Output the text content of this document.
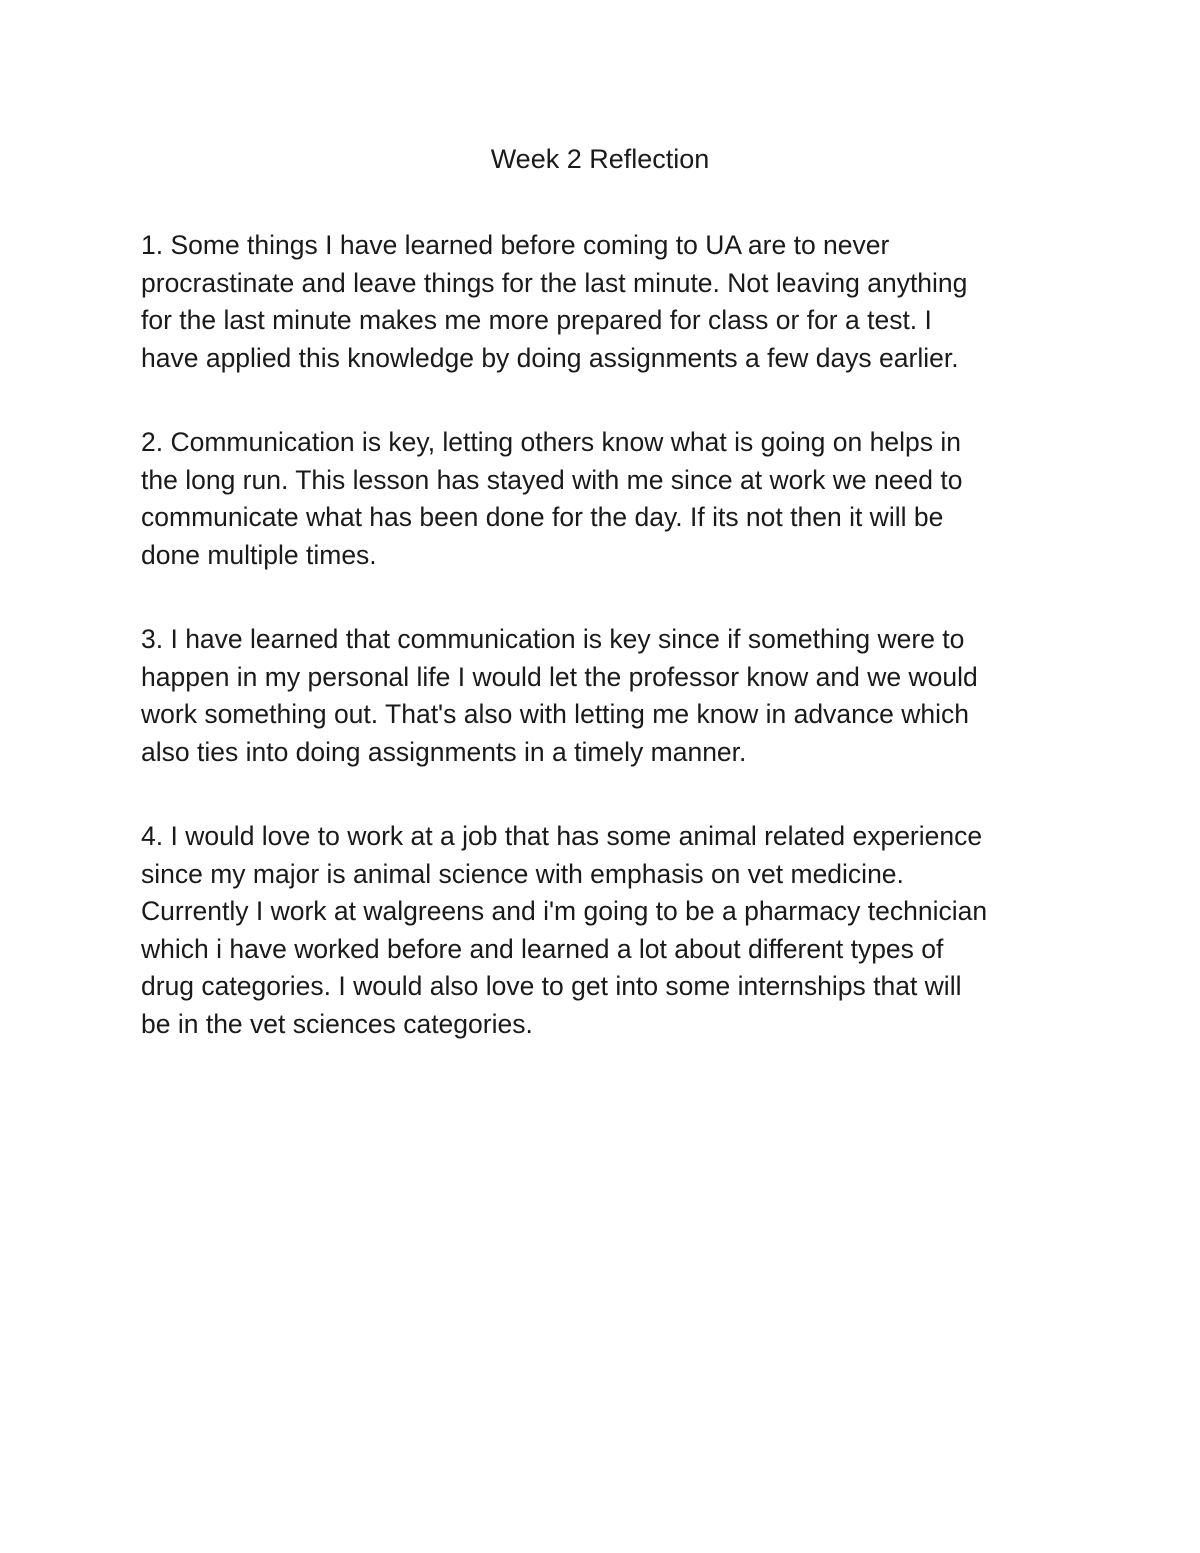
Week 2 Reflection

1. Some things I have learned before coming to UA are to never
procrastinate and leave things for the last minute. Not leaving anything
for the last minute makes me more prepared for class or for a test. I
have applied this knowledge by doing assignments a few days earlier.

2. Communication is key, letting others know what is going on helps in
the long run. This lesson has stayed with me since at work we need to
communicate what has been done for the day. If its not then it will be
done multiple times.

3. I have learned that communication is key since if something were to
happen in my personal life I would let the professor know and we would
work something out. That's also with letting me know in advance which
also ties into doing assignments in a timely manner.

4. I would love to work at a job that has some animal related experience
since my major is animal science with emphasis on vet medicine.
Currently I work at walgreens and i'm going to be a pharmacy technician
which i have worked before and learned a lot about different types of
drug categories. I would also love to get into some internships that will
be in the vet sciences categories.
